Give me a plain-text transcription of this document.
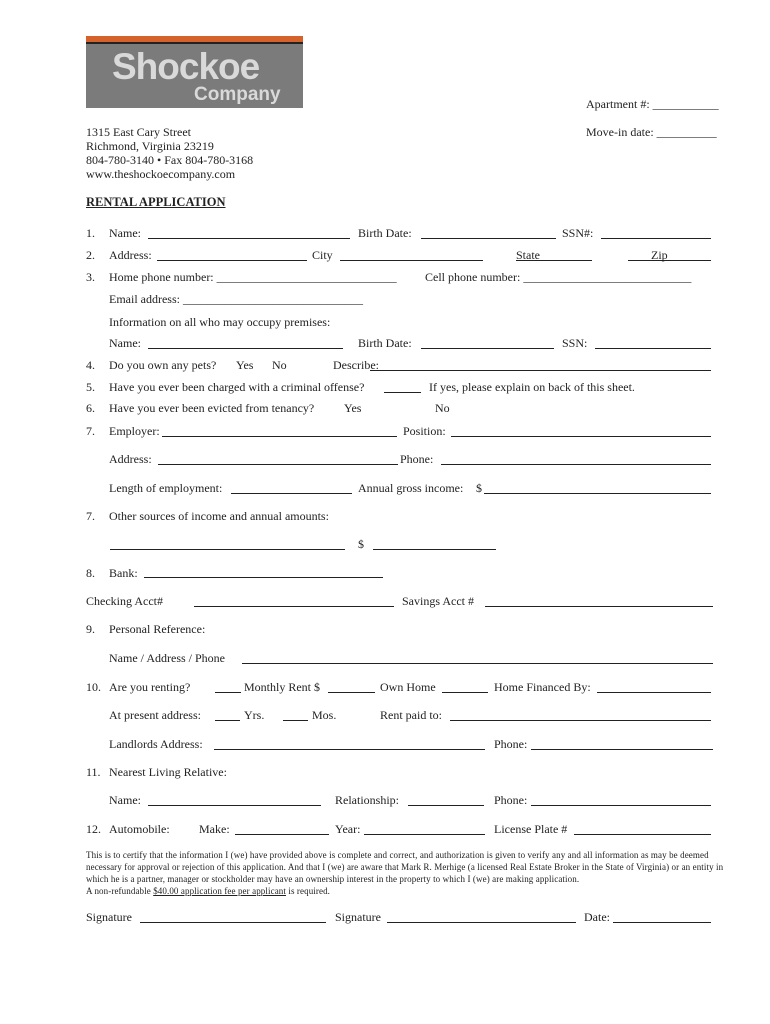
Shockoe
Company	Apartment #: ___________
Move-in date: __________
1315 East Cary Street
Richmond, Virginia 23219
804-780-3140 • Fax 804-780-3168
www.theshockoecompany.com
RENTAL APPLICATION
1. Name:	Birth Date:	SSN#:
2. Address:	City	State	Zip
3. Home phone number: ______________________________ Cell phone number: ____________________________
Email address: ______________________________
Information on all who may occupy premises:
Name:	Birth Date:	SSN:
4. Do you own any pets? Yes No	Describe:
5. Have you ever been charged with a criminal offense?	If yes, please explain on back of this sheet.
6. Have you ever been evicted from tenancy? Yes	No
7. Employer:	Position:
Address:	Phone:
Length of employment:	Annual gross income: $
7. Other sources of income and annual amounts:
$
8. Bank:
Checking Acct#	Savings Acct #
9. Personal Reference:
Name / Address / Phone
10. Are you renting?	Monthly Rent $	Own Home	Home Financed By:
At present address:	Yrs.	Mos.	Rent paid to:
Landlords Address:	Phone:
11. Nearest Living Relative:
Name:	Relationship:	Phone:
12. Automobile: Make:	Year:	License Plate #
This is to certify that the information I (we) have provided above is complete and correct, and authorization is given to verify any and all information as may be deemed necessary for approval or rejection of this application. And that I (we) are aware that Mark R. Merhige (a licensed Real Estate Broker in the State of Virginia) or an entity in which he is a partner, manager or stockholder may have an ownership interest in the property to which I (we) are making application.
A non-refundable $40.00 application fee per applicant is required.
Signature	Signature	Date:
